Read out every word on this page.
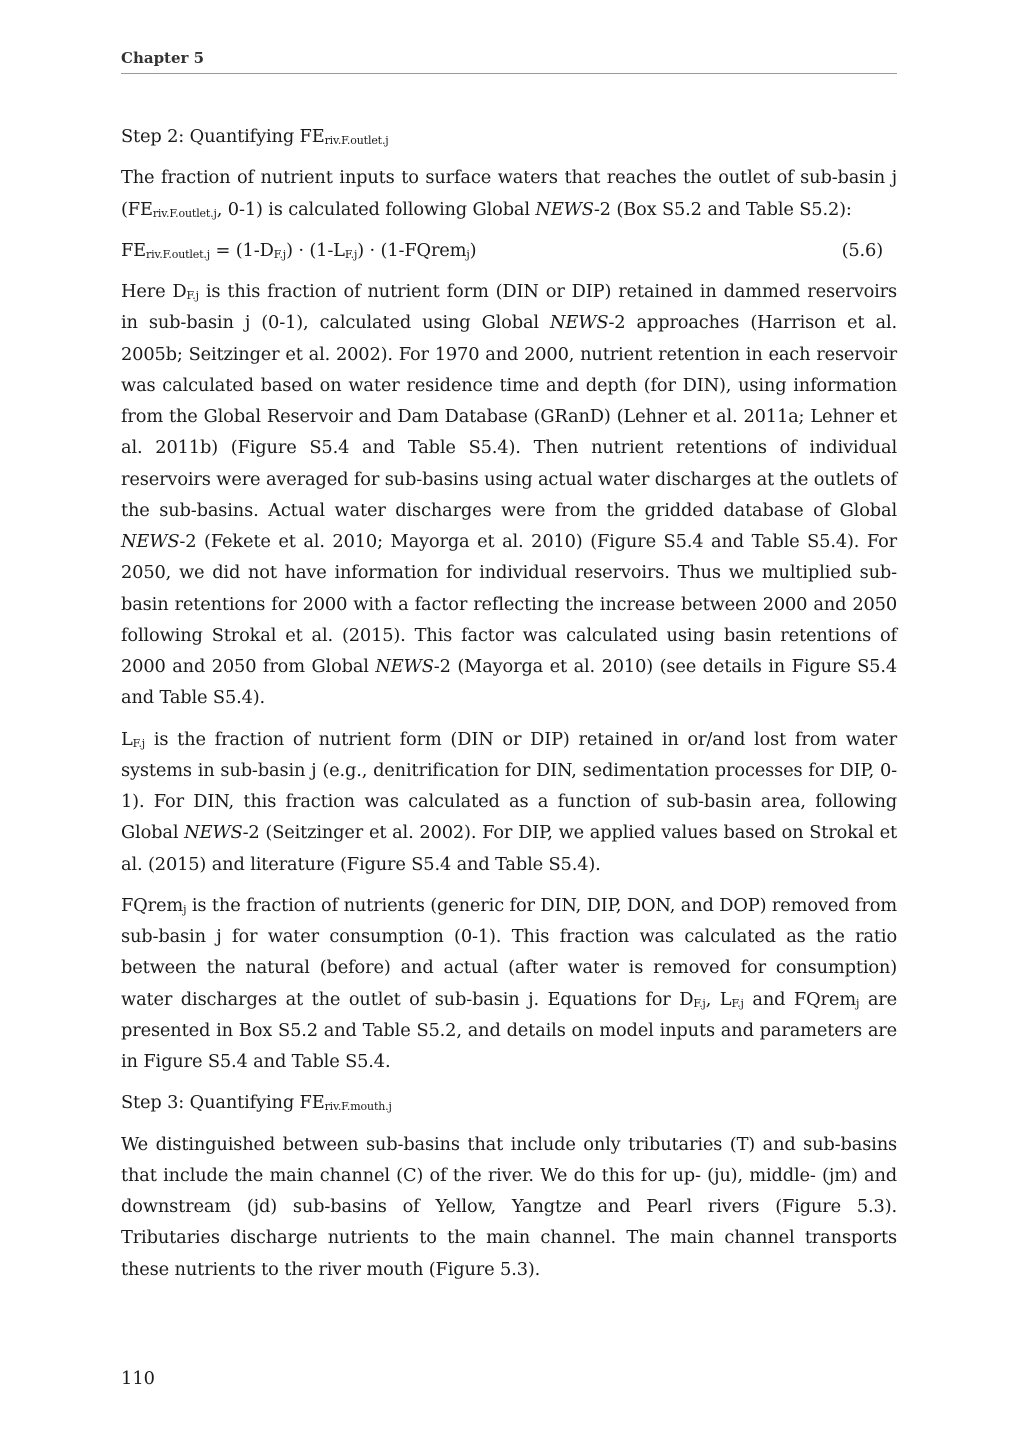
Chapter 5

Step 2: Quantifying $FE_{riv.F.outlet.j}$

The fraction of nutrient inputs to surface waters that reaches the outlet of sub-basin j ($FE_{riv.F.outlet.j}$, 0-1) is calculated following Global NEWS-2 (Box S5.2 and Table S5.2):

$FE_{riv.F.outlet.j} = (1-D_{F.j}) \cdot (1-L_{F.j})$ · (1-FQrem$_j$)	(5.6)

Here $D_{F.j}$ is this fraction of nutrient form (DIN or DIP) retained in dammed reservoirs in sub-basin j (0-1), calculated using Global NEWS-2 approaches (Harrison et al. 2005b; Seitzinger et al. 2002). For 1970 and 2000, nutrient retention in each reservoir was calculated based on water residence time and depth (for DIN), using information from the Global Reservoir and Dam Database (GRanD) (Lehner et al. 2011a; Lehner et al. 2011b) (Figure S5.4 and Table S5.4). Then nutrient retentions of individual reservoirs were averaged for sub-basins using actual water discharges at the outlets of the sub-basins. Actual water discharges were from the gridded database of Global NEWS-2 (Fekete et al. 2010; Mayorga et al. 2010) (Figure S5.4 and Table S5.4). For 2050, we did not have information for individual reservoirs. Thus we multiplied sub-basin retentions for 2000 with a factor reflecting the increase between 2000 and 2050 following Strokal et al. (2015). This factor was calculated using basin retentions of 2000 and 2050 from Global NEWS-2 (Mayorga et al. 2010) (see details in Figure S5.4 and Table S5.4).

$L_{F.j}$ is the fraction of nutrient form (DIN or DIP) retained in or/and lost from water systems in sub-basin j (e.g., denitrification for DIN, sedimentation processes for DIP, 0-1). For DIN, this fraction was calculated as a function of sub-basin area, following Global NEWS-2 (Seitzinger et al. 2002). For DIP, we applied values based on Strokal et al. (2015) and literature (Figure S5.4 and Table S5.4).

FQrem$_j$ is the fraction of nutrients (generic for DIN, DIP, DON, and DOP) removed from sub-basin j for water consumption (0-1). This fraction was calculated as the ratio between the natural (before) and actual (after water is removed for consumption) water discharges at the outlet of sub-basin j. Equations for $D_{F.j}$, $L_{F.j}$ and FQrem$_j$ are presented in Box S5.2 and Table S5.2, and details on model inputs and parameters are in Figure S5.4 and Table S5.4.

Step 3: Quantifying $FE_{riv.F.mouth.j}$

We distinguished between sub-basins that include only tributaries (T) and sub-basins that include the main channel (C) of the river. We do this for up- (ju), middle- (jm) and downstream (jd) sub-basins of Yellow, Yangtze and Pearl rivers (Figure 5.3). Tributaries discharge nutrients to the main channel. The main channel transports these nutrients to the river mouth (Figure 5.3).

110
